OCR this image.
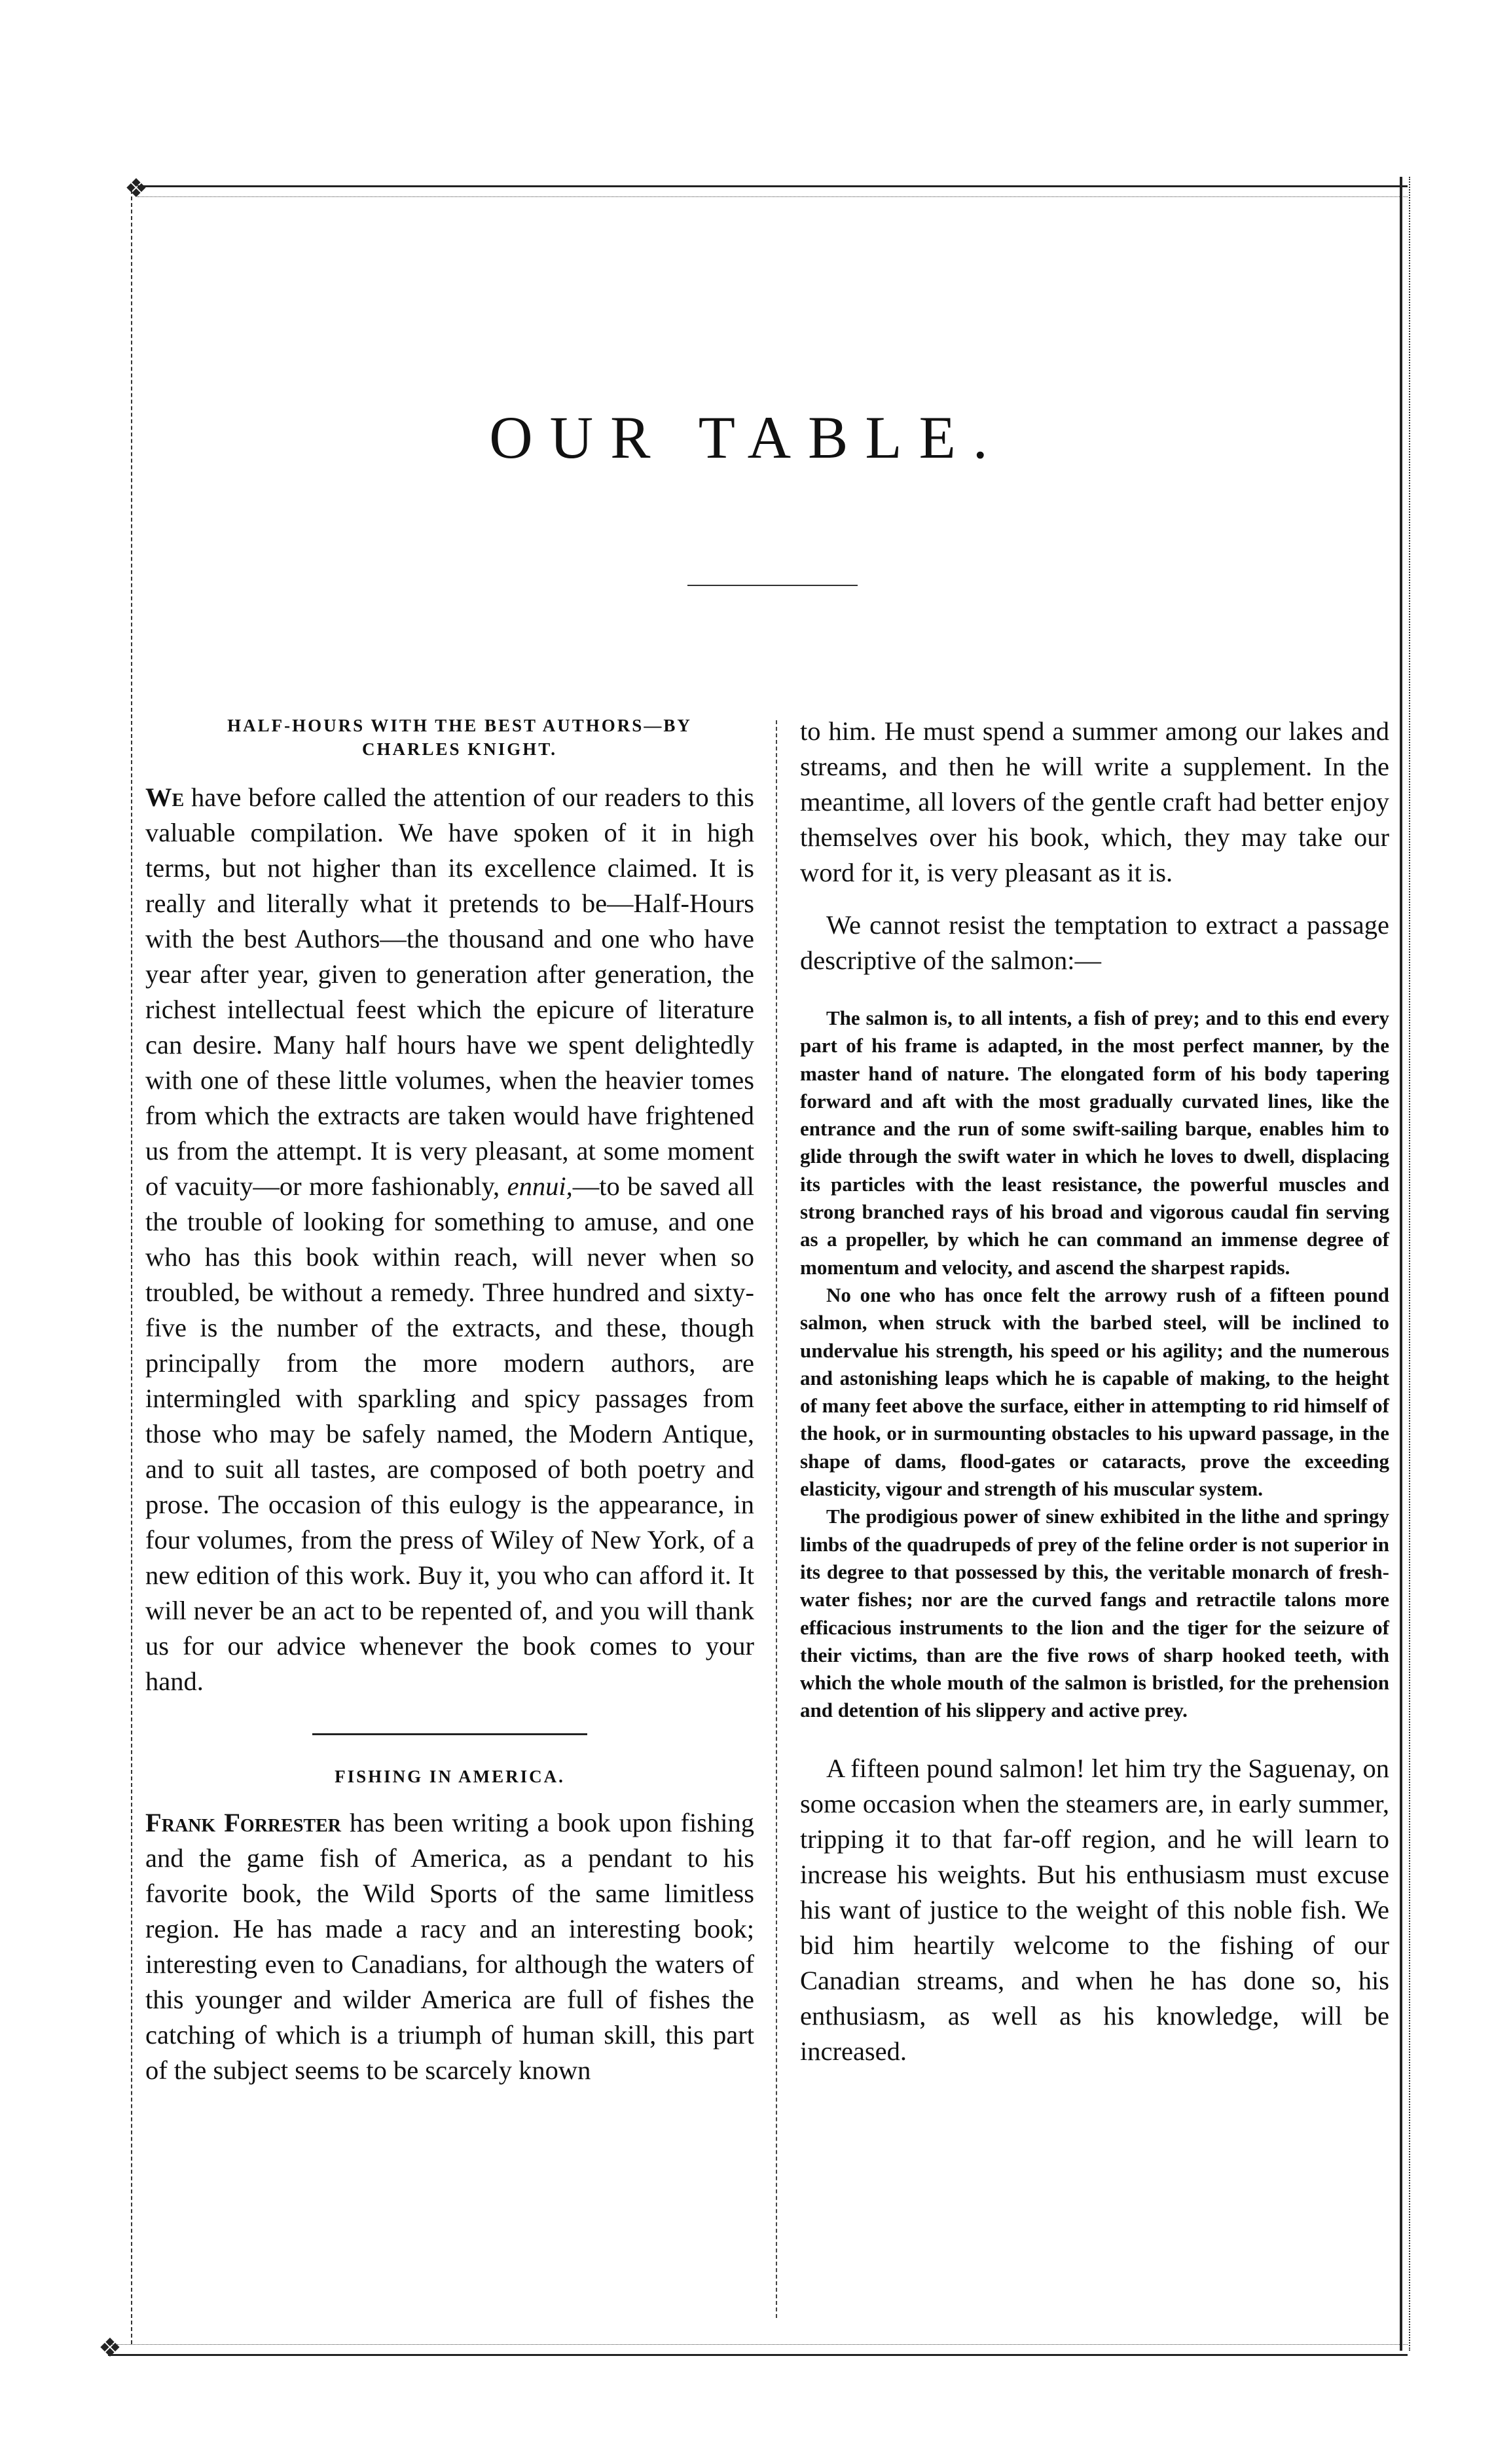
❖
❖
OUR TABLE.
HALF-HOURS WITH THE BEST AUTHORS—BY
CHARLES KNIGHT.

We have before called the attention of our readers to this valuable compilation. We have spoken of it in high terms, but not higher than its excellence claimed. It is really and literally what it pretends to be—Half-Hours with the best Authors—the thousand and one who have year after year, given to generation after generation, the richest intellectual feest which the epicure of literature can desire. Many half hours have we spent delightedly with one of these little volumes, when the heavier tomes from which the extracts are taken would have frightened us from the attempt. It is very pleasant, at some moment of vacuity—or more fashionably, ennui,—to be saved all the trouble of looking for something to amuse, and one who has this book within reach, will never when so troubled, be without a remedy. Three hundred and sixty-five is the number of the extracts, and these, though principally from the more modern authors, are intermingled with sparkling and spicy passages from those who may be safely named, the Modern Antique, and to suit all tastes, are composed of both poetry and prose. The occasion of this eulogy is the appearance, in four volumes, from the press of Wiley of New York, of a new edition of this work. Buy it, you who can afford it. It will never be an act to be repented of, and you will thank us for our advice whenever the book comes to your hand.

FISHING IN AMERICA.

Frank Forrester has been writing a book upon fishing and the game fish of America, as a pendant to his favorite book, the Wild Sports of the same limitless region. He has made a racy and an interesting book; interesting even to Canadians, for although the waters of this younger and wilder America are full of fishes the catching of which is a triumph of human skill, this part of the subject seems to be scarcely known

to him. He must spend a summer among our lakes and streams, and then he will write a supplement. In the meantime, all lovers of the gentle craft had better enjoy themselves over his book, which, they may take our word for it, is very pleasant as it is.

We cannot resist the temptation to extract a passage descriptive of the salmon:—

The salmon is, to all intents, a fish of prey; and to this end every part of his frame is adapted, in the most perfect manner, by the master hand of nature. The elongated form of his body tapering forward and aft with the most gradually curvated lines, like the entrance and the run of some swift-sailing barque, enables him to glide through the swift water in which he loves to dwell, displacing its particles with the least resistance, the powerful muscles and strong branched rays of his broad and vigorous caudal fin serving as a propeller, by which he can command an immense degree of momentum and velocity, and ascend the sharpest rapids.

No one who has once felt the arrowy rush of a fifteen pound salmon, when struck with the barbed steel, will be inclined to undervalue his strength, his speed or his agility; and the numerous and astonishing leaps which he is capable of making, to the height of many feet above the surface, either in attempting to rid himself of the hook, or in surmounting obstacles to his upward passage, in the shape of dams, flood-gates or cataracts, prove the exceeding elasticity, vigour and strength of his muscular system.

The prodigious power of sinew exhibited in the lithe and springy limbs of the quadrupeds of prey of the feline order is not superior in its degree to that possessed by this, the veritable monarch of fresh-water fishes; nor are the curved fangs and retractile talons more efficacious instruments to the lion and the tiger for the seizure of their victims, than are the five rows of sharp hooked teeth, with which the whole mouth of the salmon is bristled, for the prehension and detention of his slippery and active prey.

A fifteen pound salmon! let him try the Saguenay, on some occasion when the steamers are, in early summer, tripping it to that far-off region, and he will learn to increase his weights. But his enthusiasm must excuse his want of justice to the weight of this noble fish. We bid him heartily welcome to the fishing of our Canadian streams, and when he has done so, his enthusiasm, as well as his knowledge, will be increased.
